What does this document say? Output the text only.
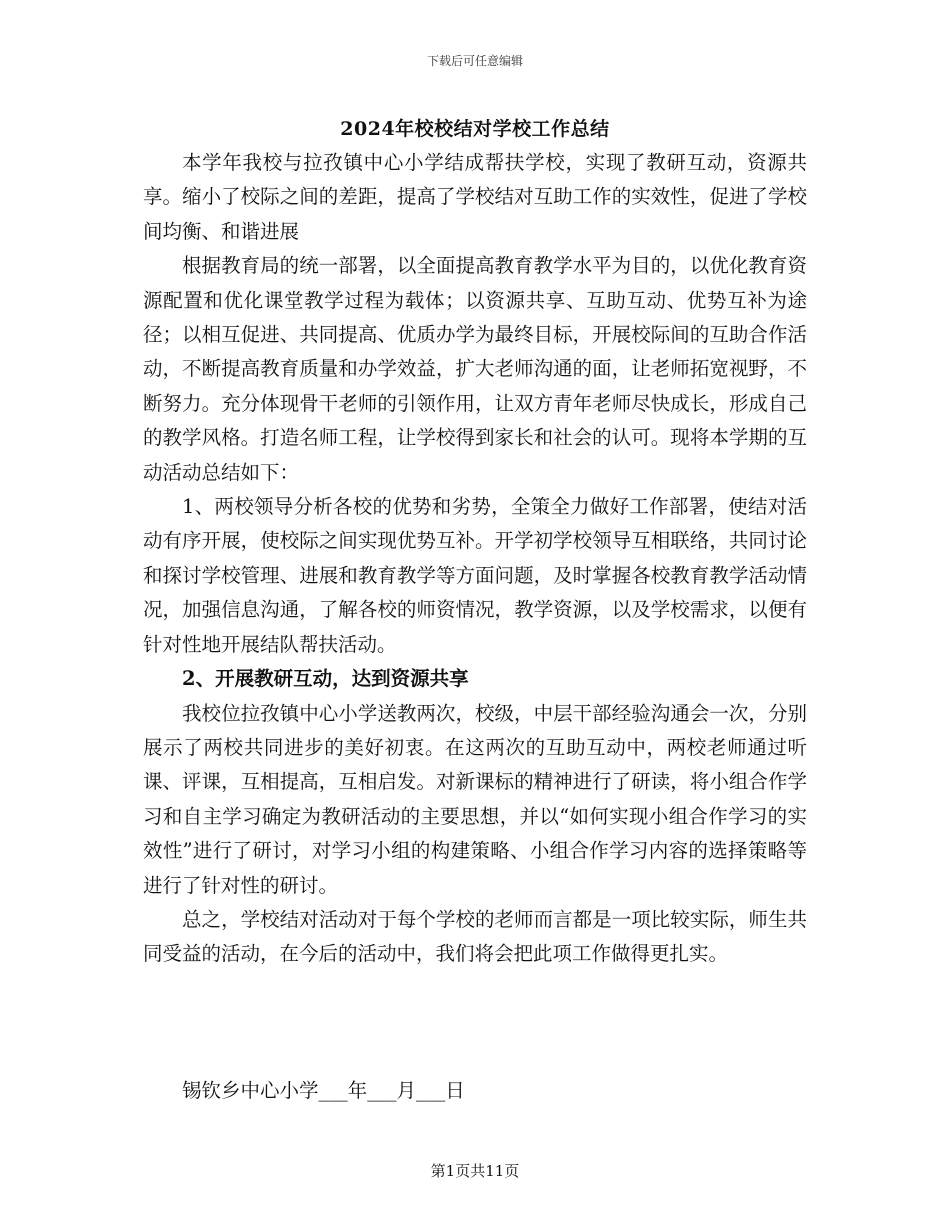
下载后可任意编辑
2024年校校结对学校工作总结

本学年我校与拉孜镇中心小学结成帮扶学校，实现了教研互动，资源共享。缩小了校际之间的差距，提高了学校结对互助工作的实效性，促进了学校间均衡、和谐进展

根据教育局的统一部署，以全面提高教育教学水平为目的，以优化教育资源配置和优化课堂教学过程为载体；以资源共享、互助互动、优势互补为途径；以相互促进、共同提高、优质办学为最终目标，开展校际间的互助合作活动，不断提高教育质量和办学效益，扩大老师沟通的面，让老师拓宽视野，不断努力。充分体现骨干老师的引领作用，让双方青年老师尽快成长，形成自己的教学风格。打造名师工程，让学校得到家长和社会的认可。现将本学期的互动活动总结如下：

1、两校领导分析各校的优势和劣势，全策全力做好工作部署，使结对活动有序开展，使校际之间实现优势互补。开学初学校领导互相联络，共同讨论和探讨学校管理、进展和教育教学等方面问题，及时掌握各校教育教学活动情况，加强信息沟通，了解各校的师资情况，教学资源，以及学校需求，以便有针对性地开展结队帮扶活动。

2、开展教研互动，达到资源共享

我校位拉孜镇中心小学送教两次，校级，中层干部经验沟通会一次，分别展示了两校共同进步的美好初衷。在这两次的互助互动中，两校老师通过听课、评课，互相提高，互相启发。对新课标的精神进行了研读，将小组合作学习和自主学习确定为教研活动的主要思想，并以“如何实现小组合作学习的实效性”进行了研讨，对学习小组的构建策略、小组合作学习内容的选择策略等进行了针对性的研讨。

总之，学校结对活动对于每个学校的老师而言都是一项比较实际，师生共同受益的活动，在今后的活动中，我们将会把此项工作做得更扎实。

锡钦乡中心小学___年___月___日
第1页共11页
